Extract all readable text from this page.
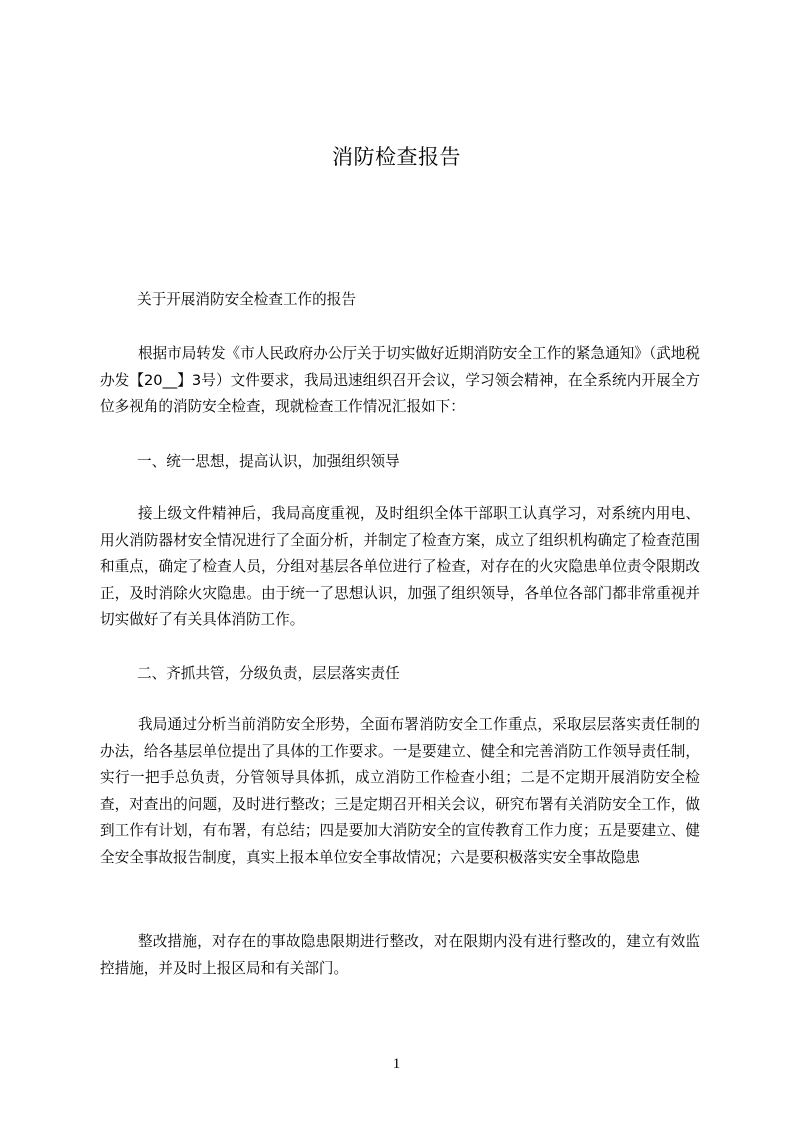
消防检查报告

关于开展消防安全检查工作的报告

根据市局转发《市人民政府办公厅关于切实做好近期消防安全工作的紧急通知》（武地税办发【20__】3号）文件要求，我局迅速组织召开会议，学习领会精神，在全系统内开展全方位多视角的消防安全检查，现就检查工作情况汇报如下：

一、统一思想，提高认识，加强组织领导

接上级文件精神后，我局高度重视，及时组织全体干部职工认真学习，对系统内用电、用火消防器材安全情况进行了全面分析，并制定了检查方案，成立了组织机构确定了检查范围和重点，确定了检查人员，分组对基层各单位进行了检查，对存在的火灾隐患单位责令限期改正，及时消除火灾隐患。由于统一了思想认识，加强了组织领导，各单位各部门都非常重视并切实做好了有关具体消防工作。

二、齐抓共管，分级负责，层层落实责任

我局通过分析当前消防安全形势，全面布署消防安全工作重点，采取层层落实责任制的办法，给各基层单位提出了具体的工作要求。一是要建立、健全和完善消防工作领导责任制，实行一把手总负责，分管领导具体抓，成立消防工作检查小组；二是不定期开展消防安全检查，对查出的问题，及时进行整改；三是定期召开相关会议，研究布署有关消防安全工作，做到工作有计划，有布署，有总结；四是要加大消防安全的宣传教育工作力度；五是要建立、健全安全事故报告制度，真实上报本单位安全事故情况；六是要积极落实安全事故隐患

整改措施，对存在的事故隐患限期进行整改，对在限期内没有进行整改的，建立有效监控措施，并及时上报区局和有关部门。

1
